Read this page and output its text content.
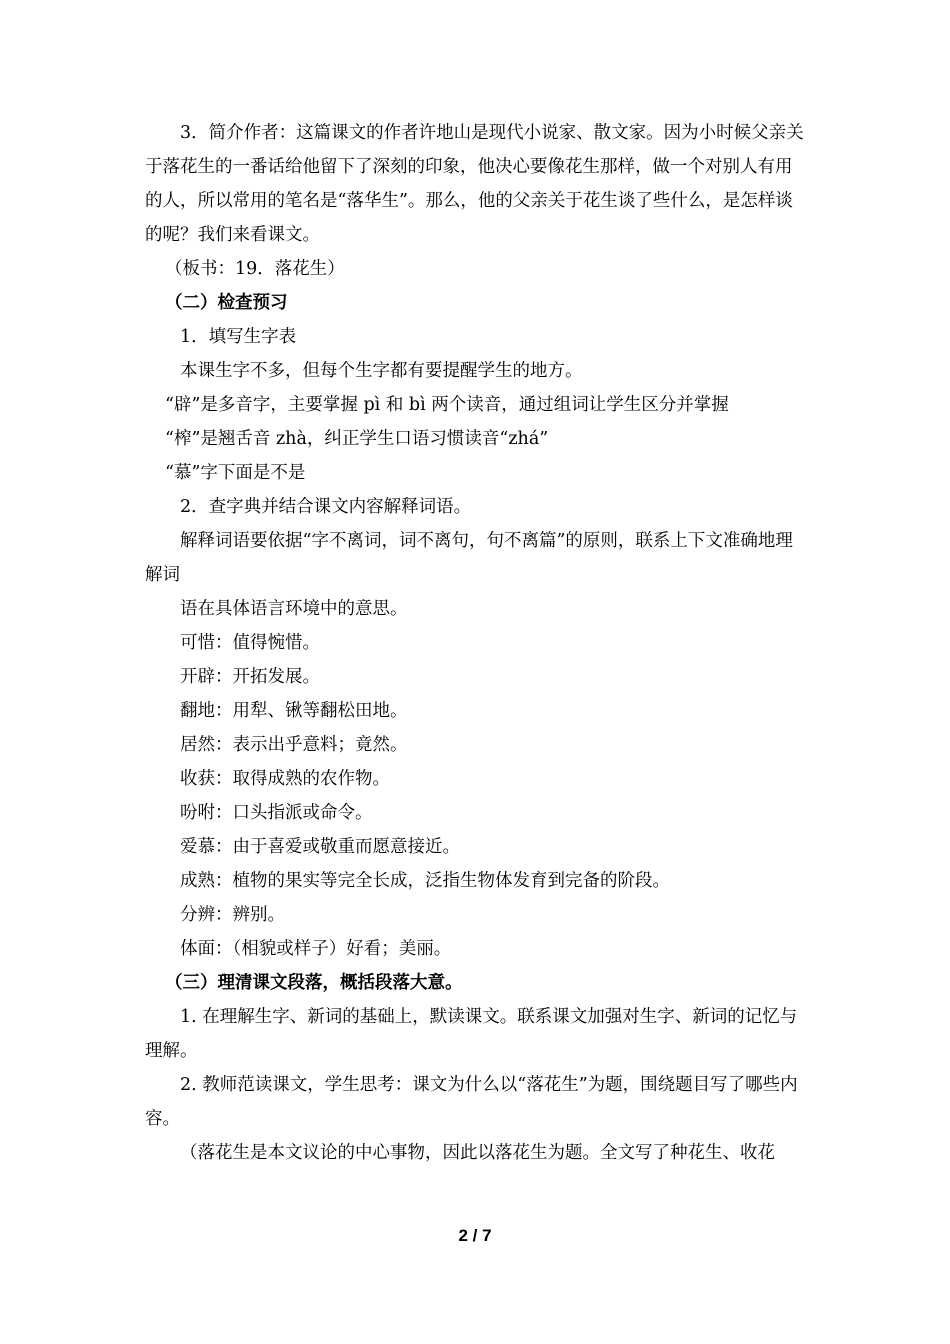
3．简介作者：这篇课文的作者许地山是现代小说家、散文家。因为小时候父亲关于落花生的一番话给他留下了深刻的印象，他决心要像花生那样，做一个对别人有用的人，所以常用的笔名是“落华生”。那么，他的父亲关于花生谈了些什么，是怎样谈的呢？我们来看课文。

（板书：19．落花生）

（二）检查预习

1．填写生字表

本课生字不多，但每个生字都有要提醒学生的地方。

“辟”是多音字，主要掌握 pì 和 bì 两个读音，通过组词让学生区分并掌握

“榨”是翘舌音 zhà，纠正学生口语习惯读音“zhá”

“慕”字下面是不是

2．查字典并结合课文内容解释词语。

解释词语要依据“字不离词，词不离句，句不离篇”的原则，联系上下文准确地理解词

语在具体语言环境中的意思。

可惜：值得惋惜。

开辟：开拓发展。

翻地：用犁、锹等翻松田地。

居然：表示出乎意料；竟然。

收获：取得成熟的农作物。

吩咐：口头指派或命令。

爱慕：由于喜爱或敬重而愿意接近。

成熟：植物的果实等完全长成，泛指生物体发育到完备的阶段。

分辨：辨别。

体面：（相貌或样子）好看；美丽。

（三）理清课文段落，概括段落大意。

1. 在理解生字、新词的基础上，默读课文。联系课文加强对生字、新词的记忆与理解。

2. 教师范读课文，学生思考：课文为什么以“落花生”为题，围绕题目写了哪些内容。

（落花生是本文议论的中心事物，因此以落花生为题。全文写了种花生、收花

2 / 7
